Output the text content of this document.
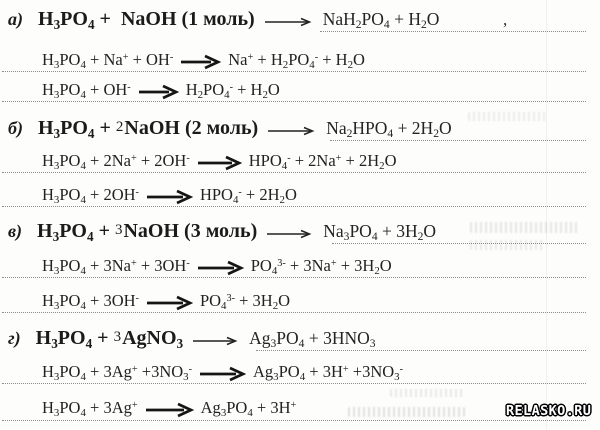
а) $H_3PO_4$ + NaOH (1 моль)	$NaH_2PO_4 + H_2O$	,
$H_3PO_4 + Na^+ + OH^-$	$Na^+ + H_2PO_4^- + H_2O$
$H_3PO_4 + OH^-$	$H_2PO_4^- + H_2O$
б) $H_3PO_4 + 2$ NaOH (2 моль)	$Na_2HPO_4 + 2H_2O$
$H_3PO_4 + 2Na^+ + 2OH^-$	$HPO_4^- + 2Na^+ + 2H_2O$
$H_3PO_4 + 2OH^-$	$HPO_4^- + 2H_2O$
в) $H_3PO_4 + 3$ NaOH (3 моль)	$Na_3PO_4 + 3H_2O$
$H_3PO_4 + 3Na^+ + 3OH^-$	$PO_4^{3-} + 3Na^+ + 3H_2O$
$H_3PO_4 + 3OH^-$	$PO_4^{3-} + 3H_2O$
г) $H_3PO_4 + 3$ AgNO$_3$	$Ag_3PO_4 + 3HNO_3$
$H_3PO_4 + 3Ag^+ +3NO_3^-$	$Ag_3PO_4 + 3H^+ +3NO_3^-$
$H_3PO_4 + 3Ag^+$	$Ag_3PO_4 + 3H^+$	RELASKO.RU
